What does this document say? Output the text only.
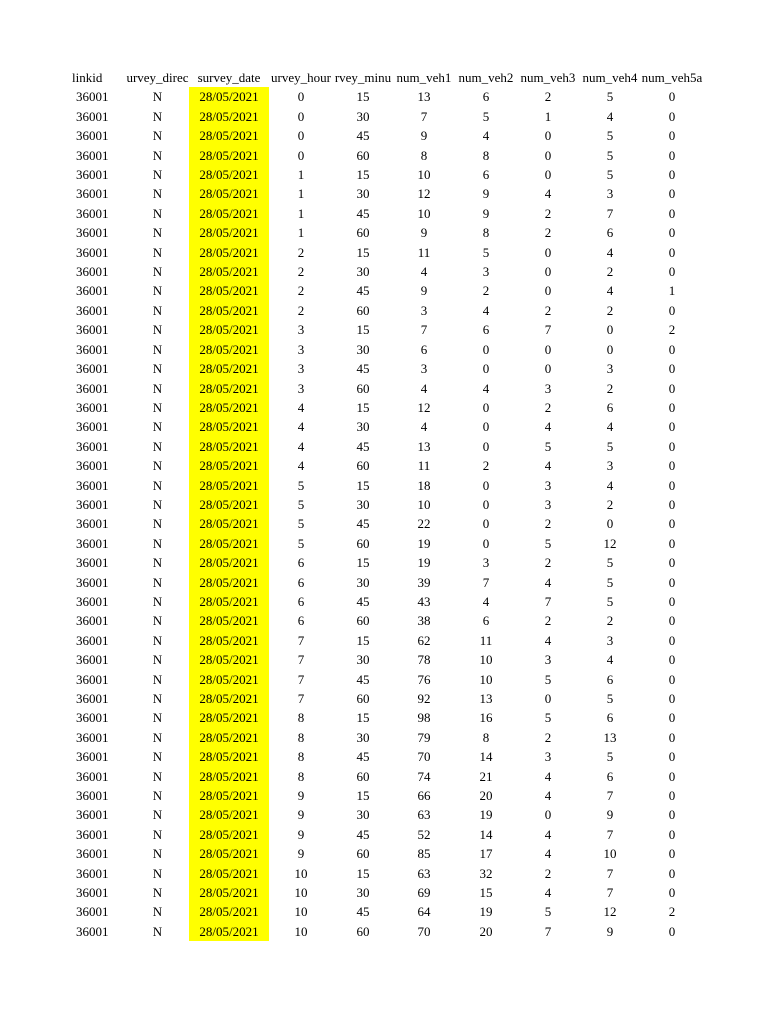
linkid	urvey_direc	survey_date	urvey_hour	rvey_minu	num_veh1	num_veh2	num_veh3	num_veh4	num_veh5a
36001	N	28/05/2021	0	15	13	6	2	5	0
36001	N	28/05/2021	0	30	7	5	1	4	0
36001	N	28/05/2021	0	45	9	4	0	5	0
36001	N	28/05/2021	0	60	8	8	0	5	0
36001	N	28/05/2021	1	15	10	6	0	5	0
36001	N	28/05/2021	1	30	12	9	4	3	0
36001	N	28/05/2021	1	45	10	9	2	7	0
36001	N	28/05/2021	1	60	9	8	2	6	0
36001	N	28/05/2021	2	15	11	5	0	4	0
36001	N	28/05/2021	2	30	4	3	0	2	0
36001	N	28/05/2021	2	45	9	2	0	4	1
36001	N	28/05/2021	2	60	3	4	2	2	0
36001	N	28/05/2021	3	15	7	6	7	0	2
36001	N	28/05/2021	3	30	6	0	0	0	0
36001	N	28/05/2021	3	45	3	0	0	3	0
36001	N	28/05/2021	3	60	4	4	3	2	0
36001	N	28/05/2021	4	15	12	0	2	6	0
36001	N	28/05/2021	4	30	4	0	4	4	0
36001	N	28/05/2021	4	45	13	0	5	5	0
36001	N	28/05/2021	4	60	11	2	4	3	0
36001	N	28/05/2021	5	15	18	0	3	4	0
36001	N	28/05/2021	5	30	10	0	3	2	0
36001	N	28/05/2021	5	45	22	0	2	0	0
36001	N	28/05/2021	5	60	19	0	5	12	0
36001	N	28/05/2021	6	15	19	3	2	5	0
36001	N	28/05/2021	6	30	39	7	4	5	0
36001	N	28/05/2021	6	45	43	4	7	5	0
36001	N	28/05/2021	6	60	38	6	2	2	0
36001	N	28/05/2021	7	15	62	11	4	3	0
36001	N	28/05/2021	7	30	78	10	3	4	0
36001	N	28/05/2021	7	45	76	10	5	6	0
36001	N	28/05/2021	7	60	92	13	0	5	0
36001	N	28/05/2021	8	15	98	16	5	6	0
36001	N	28/05/2021	8	30	79	8	2	13	0
36001	N	28/05/2021	8	45	70	14	3	5	0
36001	N	28/05/2021	8	60	74	21	4	6	0
36001	N	28/05/2021	9	15	66	20	4	7	0
36001	N	28/05/2021	9	30	63	19	0	9	0
36001	N	28/05/2021	9	45	52	14	4	7	0
36001	N	28/05/2021	9	60	85	17	4	10	0
36001	N	28/05/2021	10	15	63	32	2	7	0
36001	N	28/05/2021	10	30	69	15	4	7	0
36001	N	28/05/2021	10	45	64	19	5	12	2
36001	N	28/05/2021	10	60	70	20	7	9	0
